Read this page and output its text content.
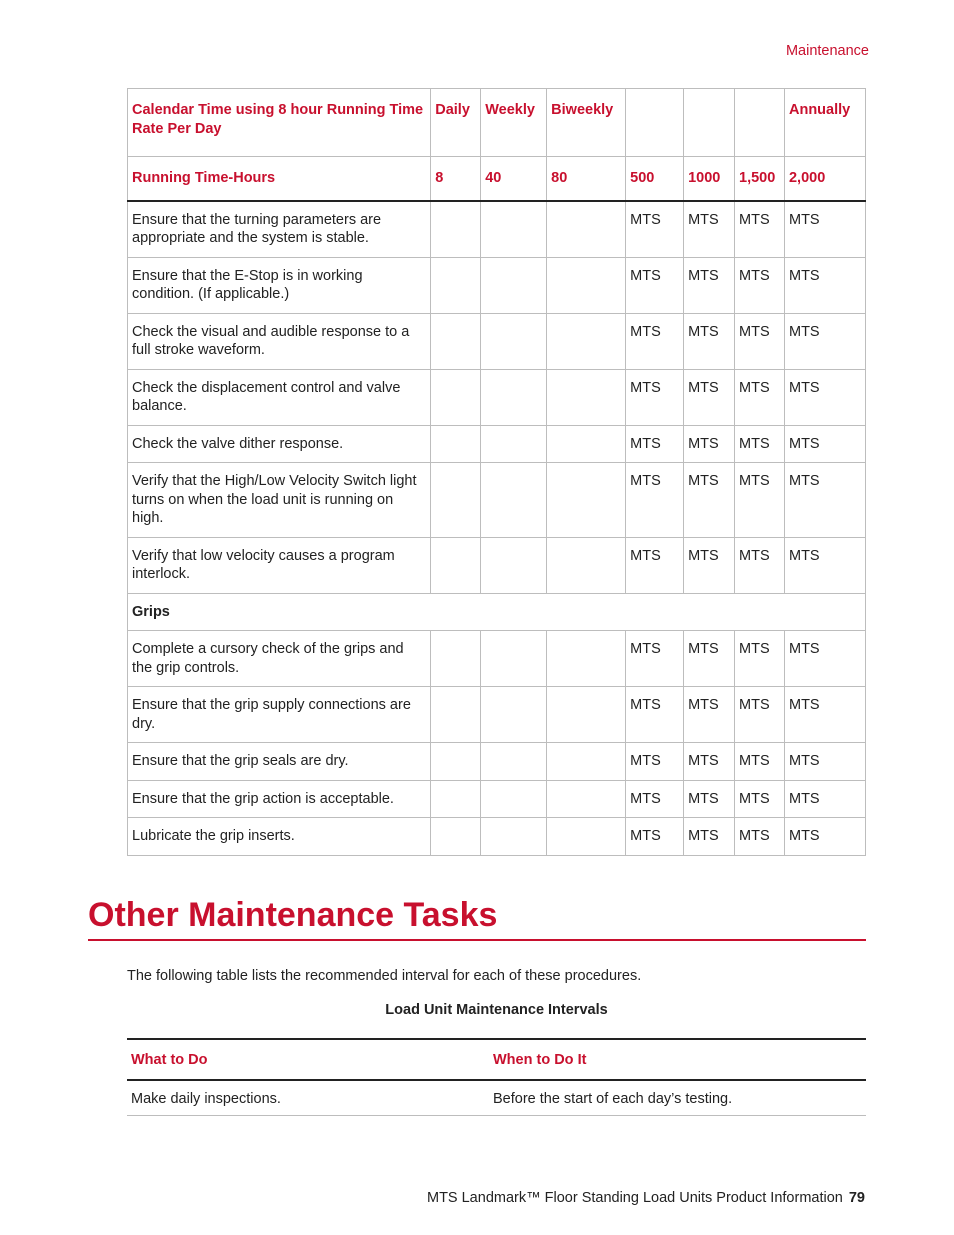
Maintenance
Calendar Time using 8 hour Running Time Rate Per Day	Daily	Weekly	Biweekly				Annually
Running Time-Hours	8	40	80	500	1000	1,500	2,000
Ensure that the turning parameters are appropriate and the system is stable.				MTS	MTS	MTS	MTS
Ensure that the E-Stop is in working condition. (If applicable.)				MTS	MTS	MTS	MTS
Check the visual and audible response to a full stroke waveform.				MTS	MTS	MTS	MTS
Check the displacement control and valve balance.				MTS	MTS	MTS	MTS
Check the valve dither response.				MTS	MTS	MTS	MTS
Verify that the High/Low Velocity Switch light turns on when the load unit is running on high.				MTS	MTS	MTS	MTS
Verify that low velocity causes a program interlock.				MTS	MTS	MTS	MTS
Grips							
Complete a cursory check of the grips and the grip controls.				MTS	MTS	MTS	MTS
Ensure that the grip supply connections are dry.				MTS	MTS	MTS	MTS
Ensure that the grip seals are dry.				MTS	MTS	MTS	MTS
Ensure that the grip action is acceptable.				MTS	MTS	MTS	MTS
Lubricate the grip inserts.				MTS	MTS	MTS	MTS
Other Maintenance Tasks
The following table lists the recommended interval for each of these procedures.
Load Unit Maintenance Intervals
What to Do	When to Do It
Make daily inspections.	Before the start of each day’s testing.
MTS Landmark™ Floor Standing Load Units Product Information 79
